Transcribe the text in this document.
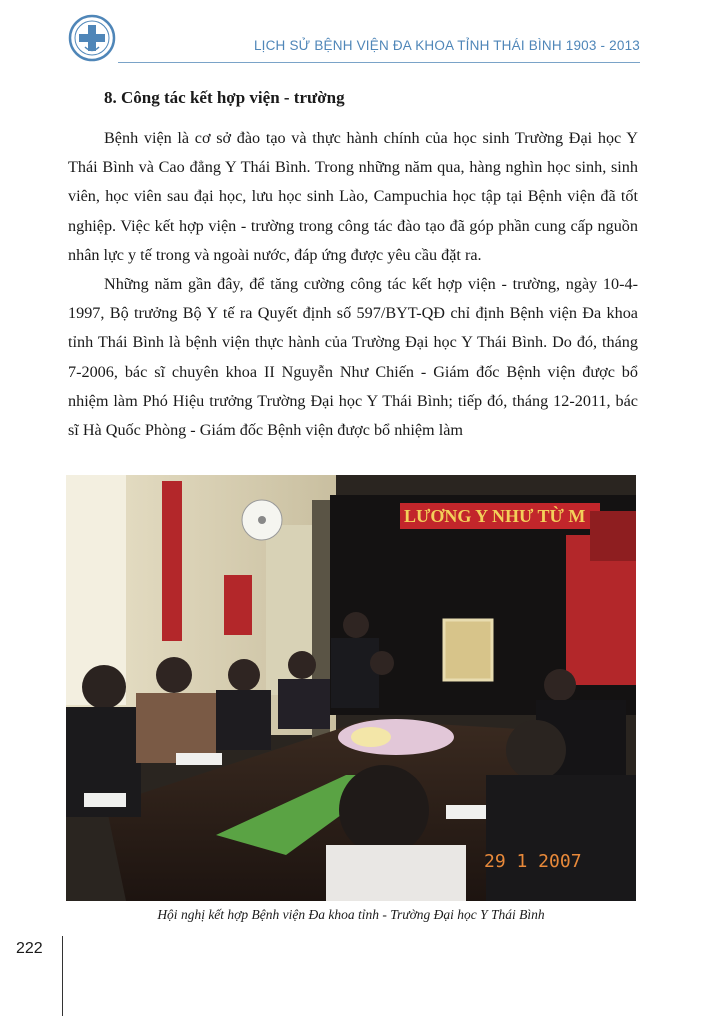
LỊCH SỬ BỆNH VIỆN ĐA KHOA TỈNH THÁI BÌNH 1903 - 2013
8. Công tác kết hợp viện - trường

Bệnh viện là cơ sở đào tạo và thực hành chính của học sinh Trường Đại học Y Thái Bình và Cao đẳng Y Thái Bình. Trong những năm qua, hàng nghìn học sinh, sinh viên, học viên sau đại học, lưu học sinh Lào, Campuchia học tập tại Bệnh viện đã tốt nghiệp. Việc kết hợp viện - trường trong công tác đào tạo đã góp phần cung cấp nguồn nhân lực y tế trong và ngoài nước, đáp ứng được yêu cầu đặt ra.

Những năm gần đây, để tăng cường công tác kết hợp viện - trường, ngày 10-4-1997, Bộ trưởng Bộ Y tế ra Quyết định số 597/BYT-QĐ chỉ định Bệnh viện Đa khoa tỉnh Thái Bình là bệnh viện thực hành của Trường Đại học Y Thái Bình. Do đó, tháng 7-2006, bác sĩ chuyên khoa II Nguyễn Như Chiến - Giám đốc Bệnh viện được bổ nhiệm làm Phó Hiệu trưởng Trường Đại học Y Thái Bình; tiếp đó, tháng 12-2011, bác sĩ Hà Quốc Phòng - Giám đốc Bệnh viện được bổ nhiệm làm

LƯƠNG Y NHƯ TỪ M
29 1 2007
Hội nghị kết hợp Bệnh viện Đa khoa tỉnh - Trường Đại học Y Thái Bình
222
